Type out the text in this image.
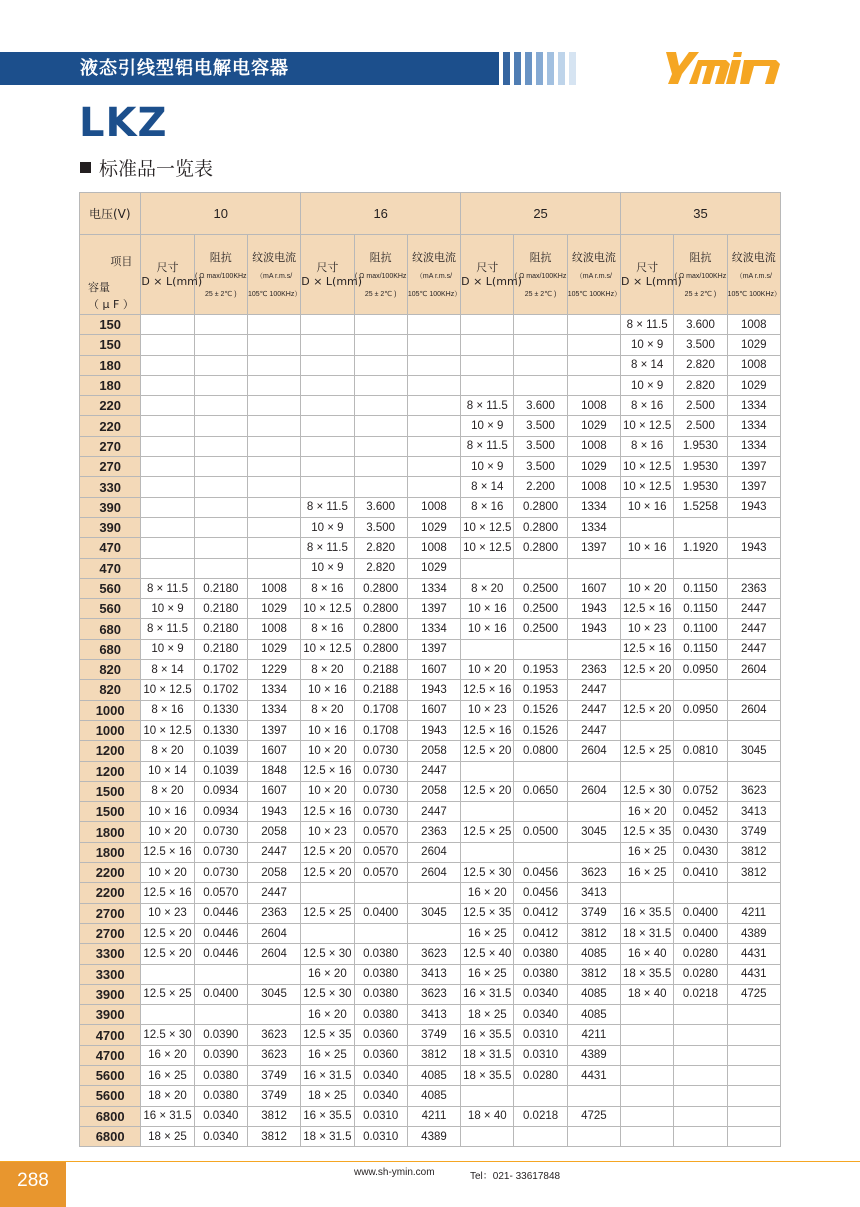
液态引线型铝电解电容器
LKZ
标准品一览表
电压(V)	10			16			25			35		

项目
容量
（ μ F ）	尺寸
D × L(mm)	阻抗
( Ω max/100KHz
25 ± 2℃ )	纹波电流
（mA r.m.s/
105℃ 100KHz）	尺寸
D × L(mm)	阻抗
( Ω max/100KHz
25 ± 2℃ )	纹波电流
（mA r.m.s/
105℃ 100KHz）	尺寸
D × L(mm)	阻抗
( Ω max/100KHz
25 ± 2℃ )	纹波电流
（mA r.m.s/
105℃ 100KHz）	尺寸
D × L(mm)	阻抗
( Ω max/100KHz
25 ± 2℃ )	纹波电流
（mA r.m.s/
105℃ 100KHz）
150										8 × 11.5	3.600	1008
150										10 × 9	3.500	1029
180										8 × 14	2.820	1008
180										10 × 9	2.820	1029
220							8 × 11.5	3.600	1008	8 × 16	2.500	1334
220							10 × 9	3.500	1029	10 × 12.5	2.500	1334
270							8 × 11.5	3.500	1008	8 × 16	1.9530	1334
270							10 × 9	3.500	1029	10 × 12.5	1.9530	1397
330							8 × 14	2.200	1008	10 × 12.5	1.9530	1397
390				8 × 11.5	3.600	1008	8 × 16	0.2800	1334	10 × 16	1.5258	1943
390				10 × 9	3.500	1029	10 × 12.5	0.2800	1334			
470				8 × 11.5	2.820	1008	10 × 12.5	0.2800	1397	10 × 16	1.1920	1943
470				10 × 9	2.820	1029						
560	8 × 11.5	0.2180	1008	8 × 16	0.2800	1334	8 × 20	0.2500	1607	10 × 20	0.1150	2363
560	10 × 9	0.2180	1029	10 × 12.5	0.2800	1397	10 × 16	0.2500	1943	12.5 × 16	0.1150	2447
680	8 × 11.5	0.2180	1008	8 × 16	0.2800	1334	10 × 16	0.2500	1943	10 × 23	0.1100	2447
680	10 × 9	0.2180	1029	10 × 12.5	0.2800	1397				12.5 × 16	0.1150	2447
820	8 × 14	0.1702	1229	8 × 20	0.2188	1607	10 × 20	0.1953	2363	12.5 × 20	0.0950	2604
820	10 × 12.5	0.1702	1334	10 × 16	0.2188	1943	12.5 × 16	0.1953	2447			
1000	8 × 16	0.1330	1334	8 × 20	0.1708	1607	10 × 23	0.1526	2447	12.5 × 20	0.0950	2604
1000	10 × 12.5	0.1330	1397	10 × 16	0.1708	1943	12.5 × 16	0.1526	2447			
1200	8 × 20	0.1039	1607	10 × 20	0.0730	2058	12.5 × 20	0.0800	2604	12.5 × 25	0.0810	3045
1200	10 × 14	0.1039	1848	12.5 × 16	0.0730	2447						
1500	8 × 20	0.0934	1607	10 × 20	0.0730	2058	12.5 × 20	0.0650	2604	12.5 × 30	0.0752	3623
1500	10 × 16	0.0934	1943	12.5 × 16	0.0730	2447				16 × 20	0.0452	3413
1800	10 × 20	0.0730	2058	10 × 23	0.0570	2363	12.5 × 25	0.0500	3045	12.5 × 35	0.0430	3749
1800	12.5 × 16	0.0730	2447	12.5 × 20	0.0570	2604				16 × 25	0.0430	3812
2200	10 × 20	0.0730	2058	12.5 × 20	0.0570	2604	12.5 × 30	0.0456	3623	16 × 25	0.0410	3812
2200	12.5 × 16	0.0570	2447				16 × 20	0.0456	3413			
2700	10 × 23	0.0446	2363	12.5 × 25	0.0400	3045	12.5 × 35	0.0412	3749	16 × 35.5	0.0400	4211
2700	12.5 × 20	0.0446	2604				16 × 25	0.0412	3812	18 × 31.5	0.0400	4389
3300	12.5 × 20	0.0446	2604	12.5 × 30	0.0380	3623	12.5 × 40	0.0380	4085	16 × 40	0.0280	4431
3300				16 × 20	0.0380	3413	16 × 25	0.0380	3812	18 × 35.5	0.0280	4431
3900	12.5 × 25	0.0400	3045	12.5 × 30	0.0380	3623	16 × 31.5	0.0340	4085	18 × 40	0.0218	4725
3900				16 × 20	0.0380	3413	18 × 25	0.0340	4085			
4700	12.5 × 30	0.0390	3623	12.5 × 35	0.0360	3749	16 × 35.5	0.0310	4211			
4700	16 × 20	0.0390	3623	16 × 25	0.0360	3812	18 × 31.5	0.0310	4389			
5600	16 × 25	0.0380	3749	16 × 31.5	0.0340	4085	18 × 35.5	0.0280	4431			
5600	18 × 20	0.0380	3749	18 × 25	0.0340	4085						
6800	16 × 31.5	0.0340	3812	16 × 35.5	0.0310	4211	18 × 40	0.0218	4725			
6800	18 × 25	0.0340	3812	18 × 31.5	0.0310	4389						
288	www.sh-ymin.com	Tel：021- 33617848
